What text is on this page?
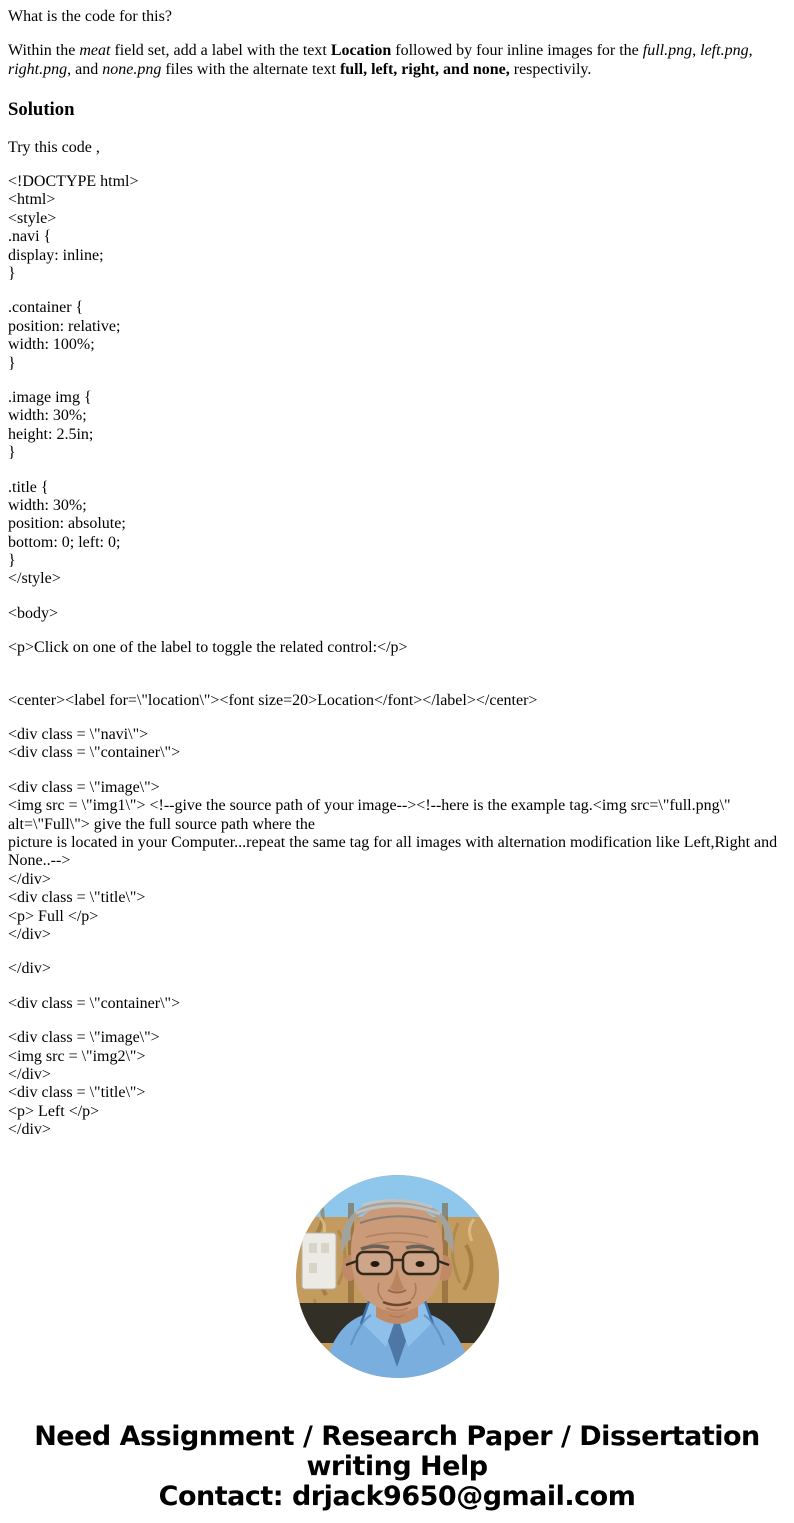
What is the code for this?

Within the meat field set, add a label with the text Location followed by four inline images for the full.png, left.png, right.png, and none.png files with the alternate text full, left, right, and none, respectivily.

Solution

Try this code ,

<!DOCTYPE html>
<html>
<style>
.navi {
display: inline;
}

.container {
position: relative;
width: 100%;
}

.image img {
width: 30%;
height: 2.5in;
}

.title {
width: 30%;
position: absolute;
bottom: 0; left: 0;
}
</style>

<body>

<p>Click on one of the label to toggle the related control:</p>

<center><label for=\"location\"><font size=20>Location</font></label></center>

<div class = \"navi\">
<div class = \"container\">

<div class = \"image\">
<img src = \"img1\"> <!--give the source path of your image--><!--here is the example tag.<img src=\"full.png\" alt=\"Full\"> give the full source path where the
picture is located in your Computer...repeat the same tag for all images with alternation modification like Left,Right and None..-->
</div>
<div class = \"title\">
<p> Full </p>
</div>

</div>

<div class = \"container\">

<div class = \"image\">
<img src = \"img2\">
</div>
<div class = \"title\">
<p> Left </p>
</div>

Need Assignment / Research Paper / Dissertation
writing Help
Contact: drjack9650@gmail.com
